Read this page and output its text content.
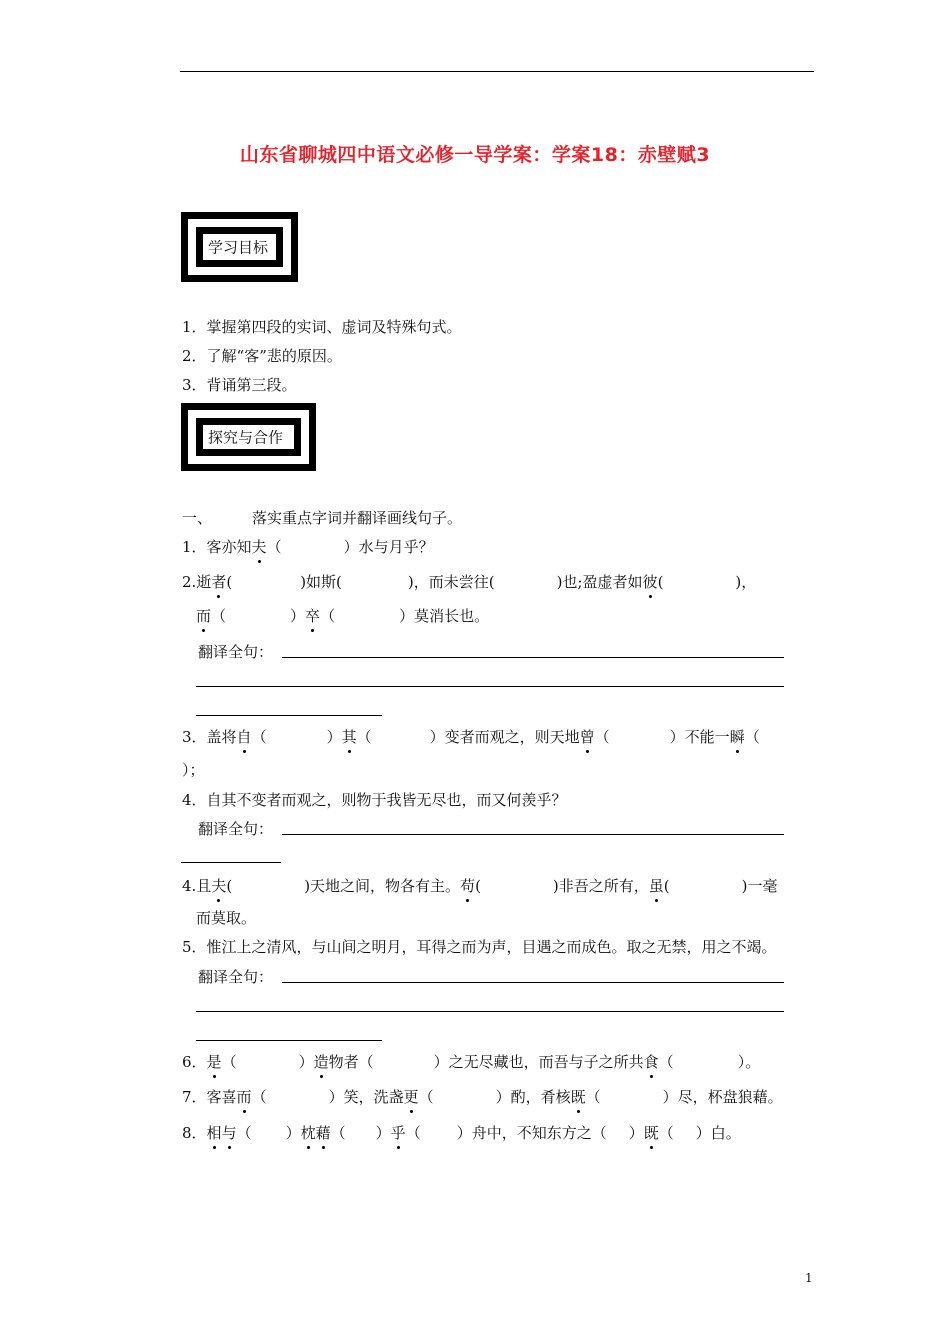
山东省聊城四中语文必修一导学案：学案18：赤壁赋3
学习目标
1．掌握第四段的实词、虚词及特殊句式。
2．了解“客”悲的原因。
3．背诵第三段。
探究与合作
一、	落实重点字词并翻译画线句子。
1．客亦知夫（	）水与月乎？
2.逝者(	)如斯(	)，而未尝往(	)也;盈虚者如彼(	)，
而（	）卒（	）莫消长也。
翻译全句：
3．盖将自（	）其（	）变者而观之，则天地曾（	）不能一瞬（
）；
4．自其不变者而观之，则物于我皆无尽也，而又何羡乎？
翻译全句：
4.且夫(	)天地之间，物各有主。苟(	)非吾之所有，虽(	)一毫
而莫取。
5．惟江上之清风，与山间之明月，耳得之而为声，目遇之而成色。取之无禁，用之不竭。
翻译全句：
6．是（	）造物者（	）之无尽藏也，而吾与子之所共食（	）。
7．客喜而（	）笑，洗盏更（	）酌，肴核既（	）尽，杯盘狼藉。
8．相与（ ）枕藉（ ）乎（ ）舟中，不知东方之（ ）既（ ）白。
1
